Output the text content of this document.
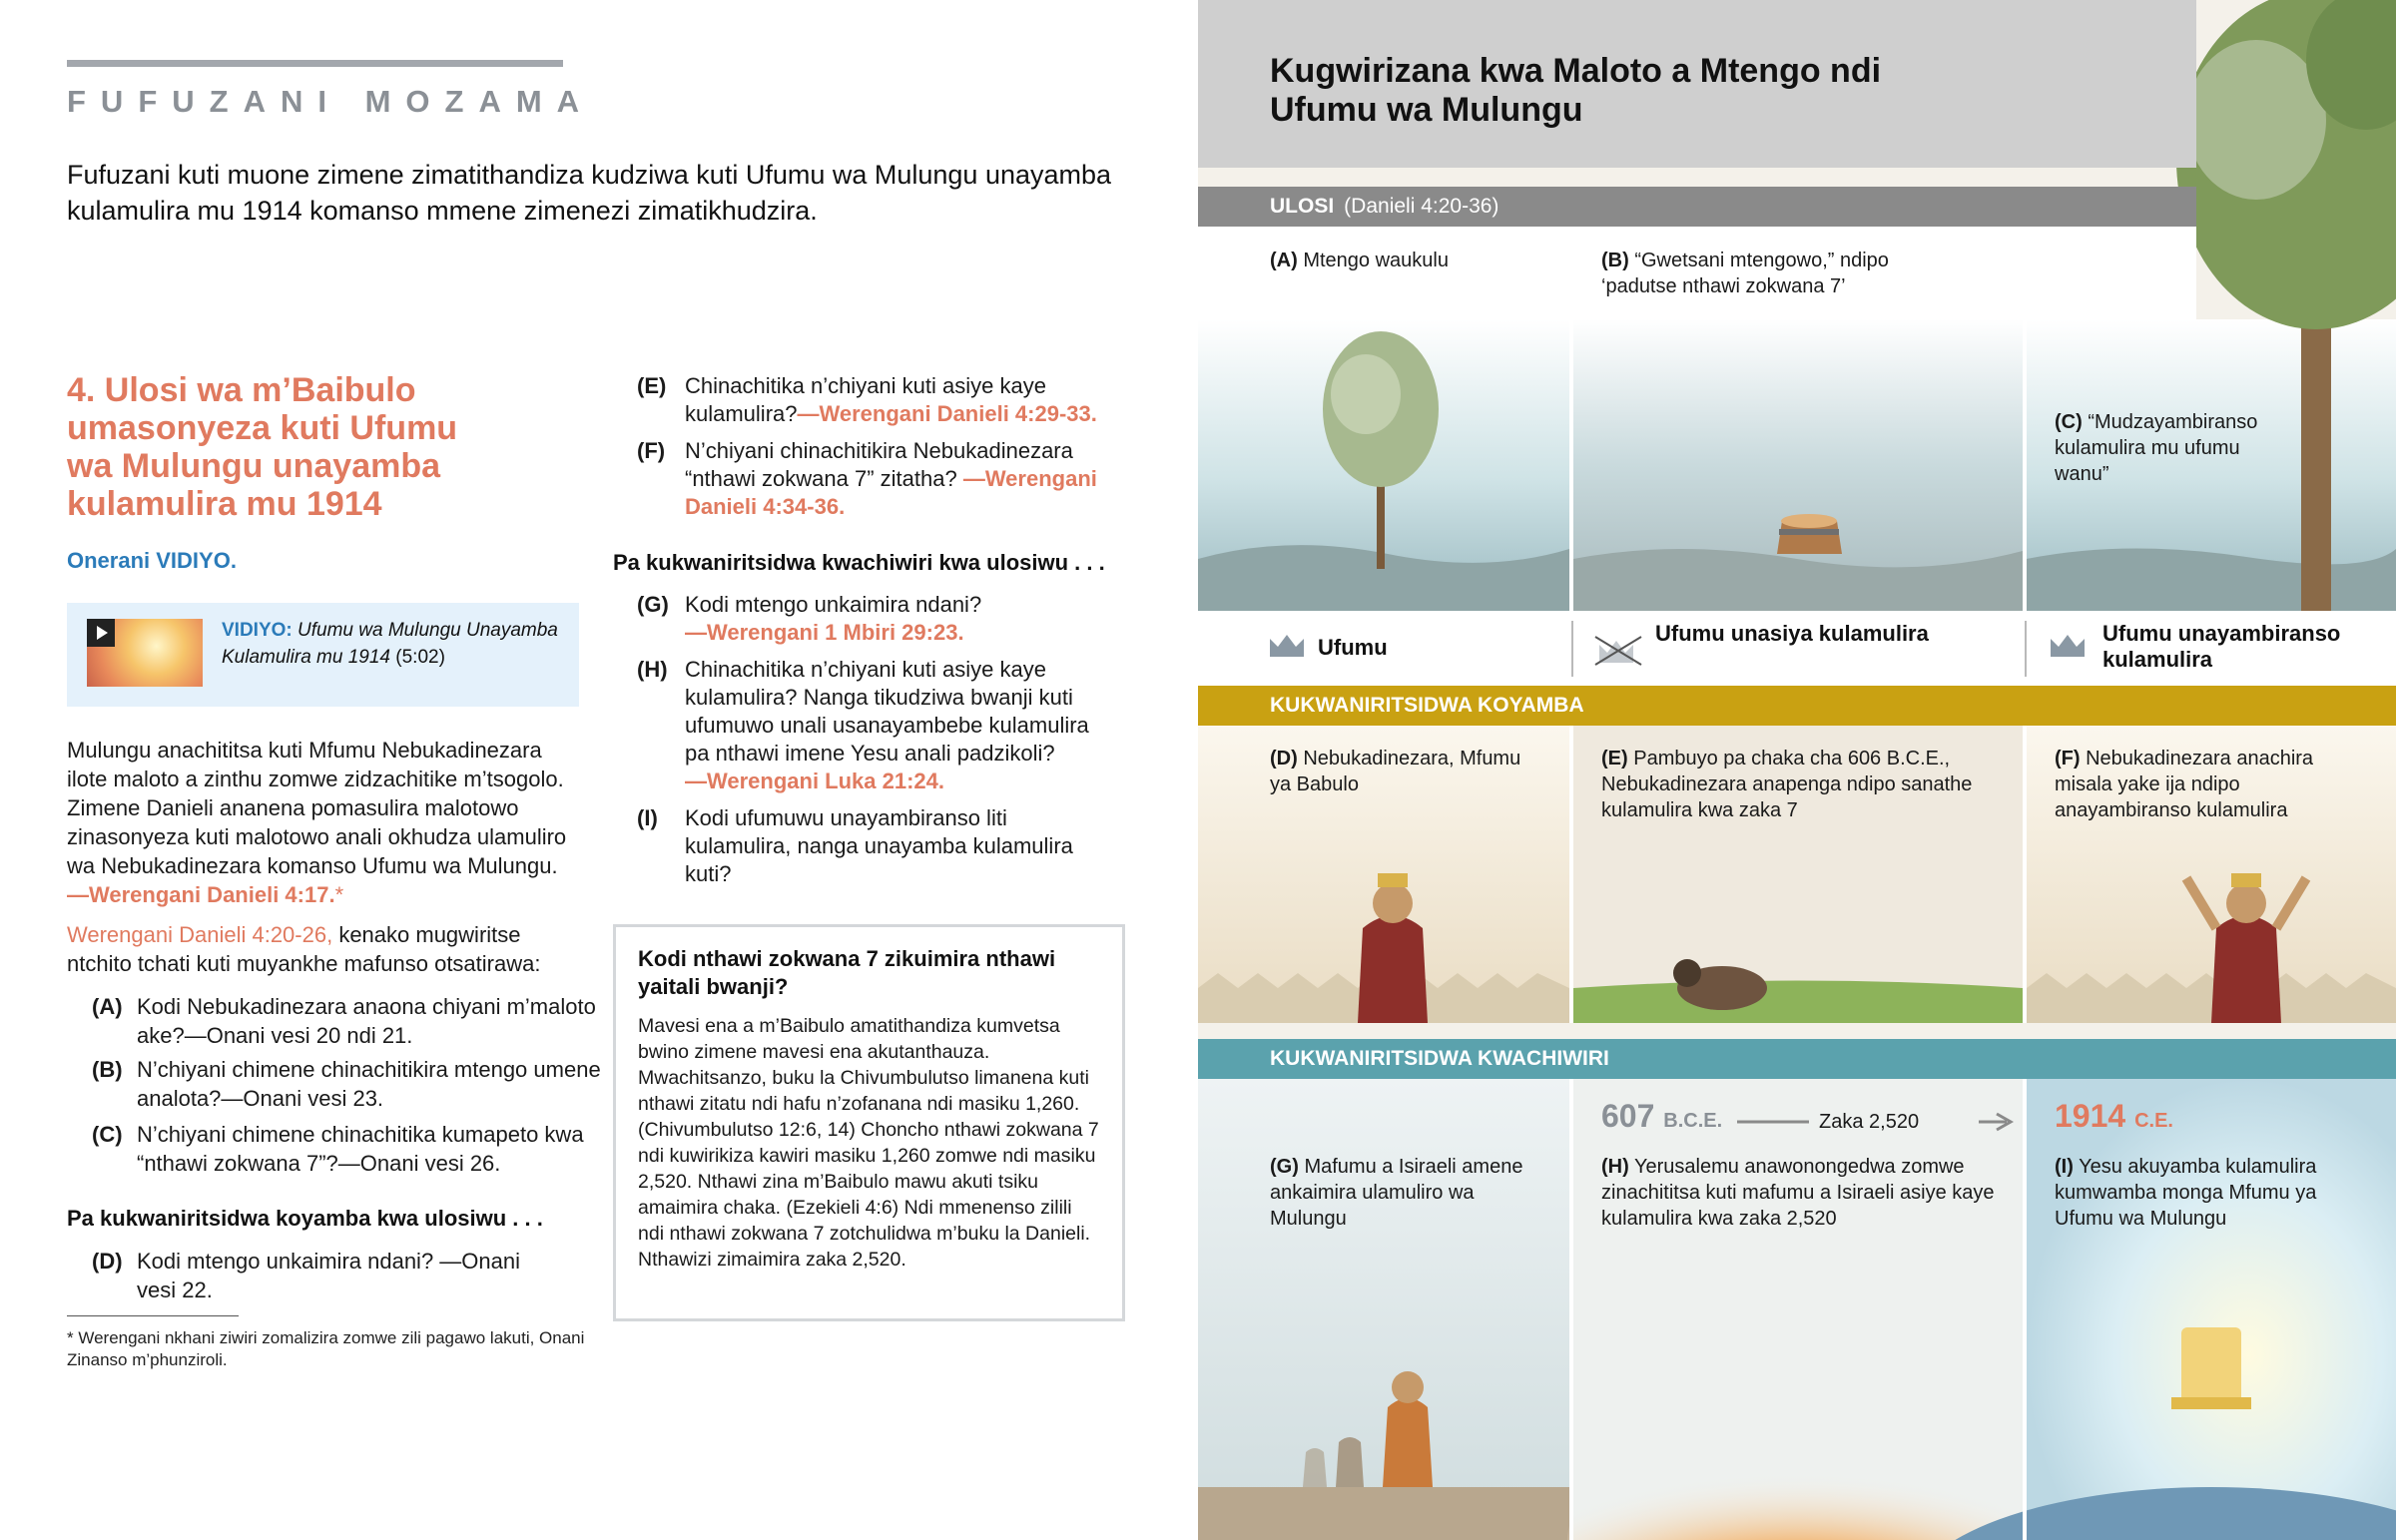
FUFUZANI MOZAMA
Fufuzani kuti muone zimene zimatithandiza kudziwa kuti Ufumu wa Mulungu unayamba kulamulira mu 1914 komanso mmene zimenezi zimatikhudzira.
4. Ulosi wa m’Baibulo umasonyeza kuti Ufumu wa Mulungu unayamba kulamulira mu 1914
Onerani VIDIYO.
VIDIYO: Ufumu wa Mulungu Unayamba Kulamulira mu 1914 (5:02)
Mulungu anachititsa kuti Mfumu Nebukadinezara ilote maloto a zinthu zomwe zidzachitike m’tsogolo. Zimene Danieli ananena pomasulira malotowo zinasonyeza kuti malotowo anali okhudza ulamuliro wa Nebukadinezara komanso Ufumu wa Mulungu.—Werengani Danieli 4:17.*
Werengani Danieli 4:20-26, kenako mugwiritse ntchito tchati kuti muyankhe mafunso otsatirawa:
(A) Kodi Nebukadinezara anaona chiyani m’maloto ake?—Onani vesi 20 ndi 21.
(B) N’chiyani chimene chinachitikira mtengo umene analota?—Onani vesi 23.
(C) N’chiyani chimene chinachitika kumapeto kwa “nthawi zokwana 7”?—Onani vesi 26.
Pa kukwaniritsidwa koyamba kwa ulosiwu . . .
(D) Kodi mtengo unkaimira ndani? —Onani vesi 22.
* Werengani nkhani ziwiri zomalizira zomwe zili pagawo lakuti, Onani Zinanso m’phunziroli.
(E) Chinachitika n’chiyani kuti asiye kaye kulamulira?—Werengani Danieli 4:29-33.
(F) N’chiyani chinachitikira Nebukadinezara “nthawi zokwana 7” zitatha? —Werengani Danieli 4:34-36.
Pa kukwaniritsidwa kwachiwiri kwa ulosiwu . . .
(G) Kodi mtengo unkaimira ndani?
—Werengani 1 Mbiri 29:23.
(H) Chinachitika n’chiyani kuti asiye kaye kulamulira? Nanga tikudziwa bwanji kuti ufumuwo unali usanayambebe kulamulira pa nthawi imene Yesu anali padzikoli?
—Werengani Luka 21:24.
(I) Kodi ufumuwu unayambiranso liti kulamulira, nanga unayamba kulamulira kuti?
Kodi nthawi zokwana 7 zikuimira nthawi yaitali bwanji?

Mavesi ena a m’Baibulo amatithandiza kumvetsa bwino zimene mavesi ena akutanthauza. Mwachitsanzo, buku la Chivumbulutso limanena kuti nthawi zitatu ndi hafu n’zofanana ndi masiku 1,260. (Chivumbulutso 12:6, 14) Choncho nthawi zokwana 7 ndi kuwirikiza kawiri masiku 1,260 zomwe ndi masiku 2,520. Nthawi zina m’Baibulo mawu akuti tsiku amaimira chaka. (Ezekieli 4:6) Ndi mmenenso zilili ndi nthawi zokwana 7 zotchulidwa m’buku la Danieli. Nthawizi zimaimira zaka 2,520.

Kugwirizana kwa Maloto a Mtengo ndi Ufumu wa Mulungu
ULOSI (Danieli 4:20-36)
(A) Mtengo waukulu	(B) “Gwetsani mtengowo,” ndipo ‘padutse nthawi zokwana 7’
(C) “Mudzayambiranso kulamulira mu ufumu wanu”
Ufumu
Ufumu unasiya kulamulira	Ufumu unayambiranso kulamulira
KUKWANIRITSIDWA KOYAMBA
(D) Nebukadinezara, Mfumu ya Babulo
(E) Pambuyo pa chaka cha 606 B.C.E., Nebukadinezara anapenga ndipo sanathe kulamulira kwa zaka 7
(F) Nebukadinezara anachira misala yake ija ndipo anayambiranso kulamulira
KUKWANIRITSIDWA KWACHIWIRI
607 B.C.E.	Zaka 2,520	1914 C.E.
(G) Mafumu a Isiraeli amene ankaimira ulamuliro wa Mulungu
(H) Yerusalemu anawonongedwa zomwe zinachititsa kuti mafumu a Isiraeli asiye kaye kulamulira kwa zaka 2,520
(I) Yesu akuyamba kulamulira kumwamba monga Mfumu ya Ufumu wa Mulungu
